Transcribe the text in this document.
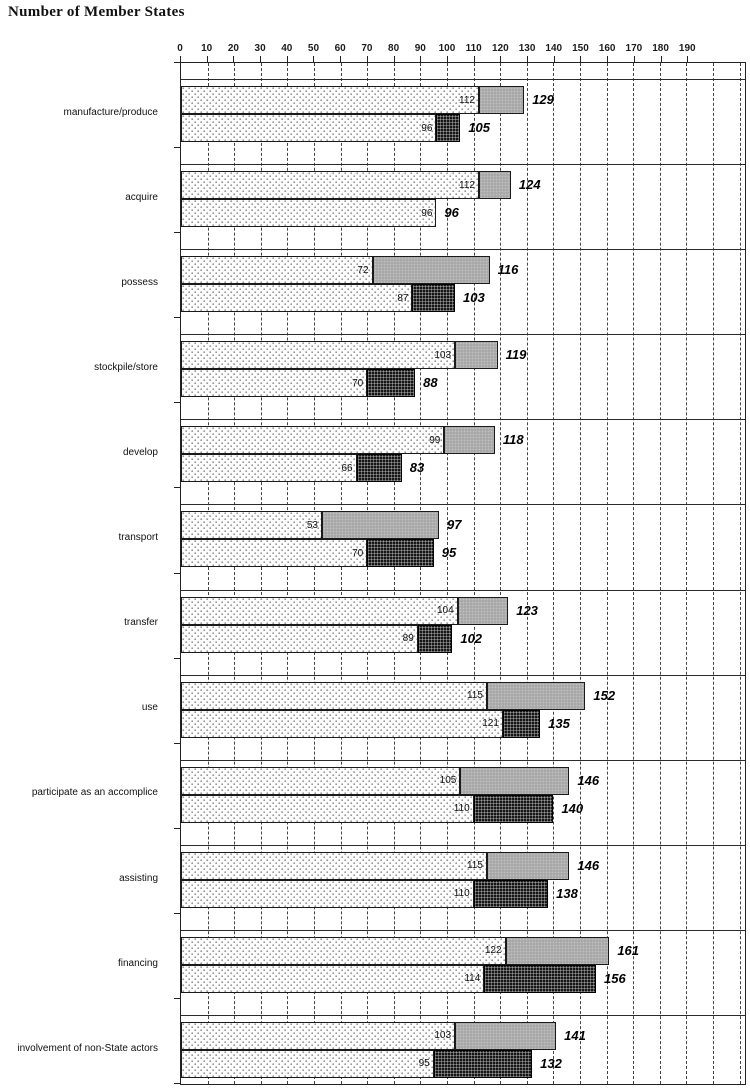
Number of Member States
0 10 20 30 40 50 60 70 80 90 100 110 120 130 140 150 160 170 180 190
manufacture/produce
acquire
possess
stockpile/store
develop
transport
transfer
use
participate as an accomplice
assisting
financing
involvement of non-State actors
112	129
96	105
112	124
96 96
72	116
87	103
103	119
70	88
99	118
66	83
53	97
70	95
104	123
89	102
115	152
121	135
105	146
110	140
115	146
110	138
122	161
114	156
103	141
95	132
